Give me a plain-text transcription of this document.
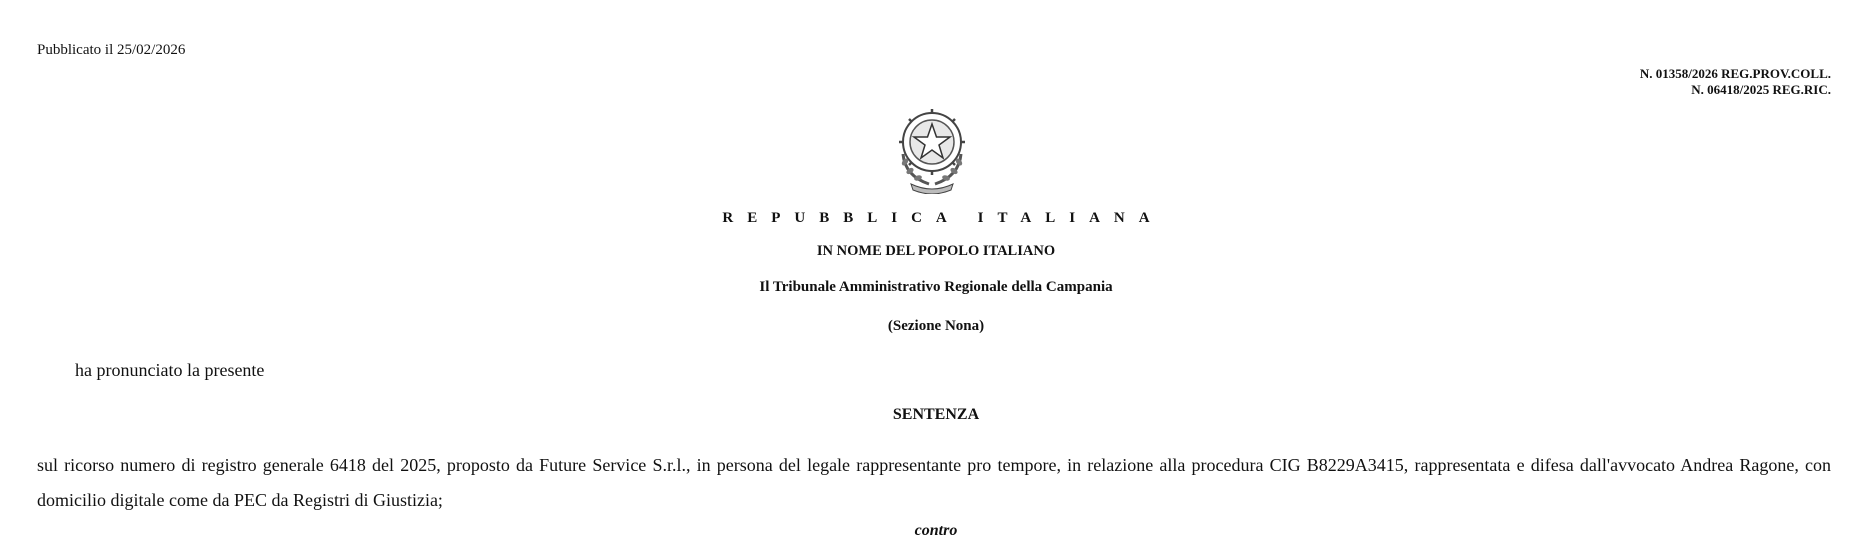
Pubblicato il 25/02/2026
N. 01358/2026 REG.PROV.COLL.
N. 06418/2025 REG.RIC.
REPUBBLICA ITALIANA
IN NOME DEL POPOLO ITALIANO
Il Tribunale Amministrativo Regionale della Campania
(Sezione Nona)
ha pronunciato la presente
SENTENZA
sul ricorso numero di registro generale 6418 del 2025, proposto da Future Service S.r.l., in persona del legale rappresentante pro tempore, in relazione alla procedura CIG B8229A3415, rappresentata e difesa dall'avvocato Andrea Ragone, con domicilio digitale come da PEC da Registri di Giustizia;
contro
